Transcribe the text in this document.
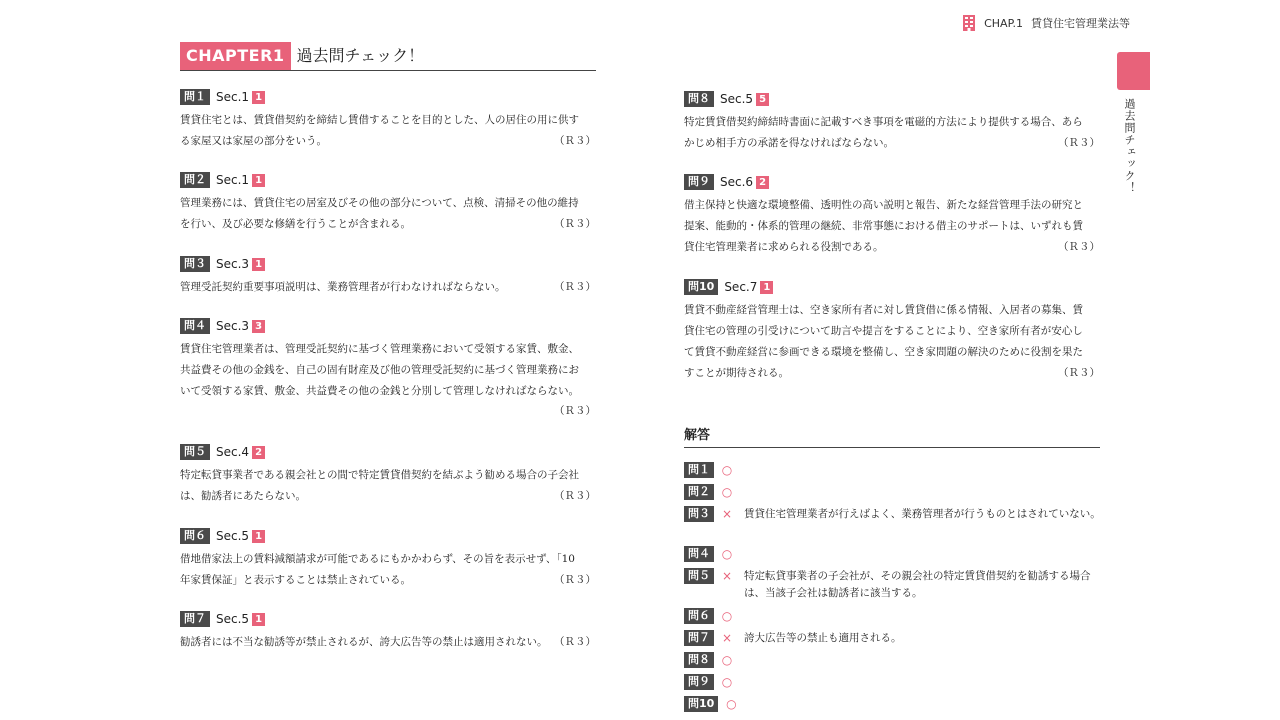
CHAP.1 賃貸住宅管理業法等
CHAPTER1 過去問チェック！
過去問チェック！
問１ Sec.1 1
賃貸住宅とは、賃貸借契約を締結し賃借することを目的とした、人の居住の用に供す
る家屋又は家屋の部分をいう。	（Ｒ３）
問２ Sec.1 1
管理業務には、賃貸住宅の居室及びその他の部分について、点検、清掃その他の維持
を行い、及び必要な修繕を行うことが含まれる。	（Ｒ３）
問３ Sec.3 1
管理受託契約重要事項説明は、業務管理者が行わなければならない。	（Ｒ３）
問４ Sec.3 3
賃貸住宅管理業者は、管理受託契約に基づく管理業務において受領する家賃、敷金、
共益費その他の金銭を、自己の固有財産及び他の管理受託契約に基づく管理業務にお
いて受領する家賃、敷金、共益費その他の金銭と分別して管理しなければならない。
（Ｒ３）
問５ Sec.4 2
特定転貸事業者である親会社との間で特定賃貸借契約を結ぶよう勧める場合の子会社
は、勧誘者にあたらない。	（Ｒ３）
問６ Sec.5 1
借地借家法上の賃料減額請求が可能であるにもかかわらず、その旨を表示せず、「10
年家賃保証」と表示することは禁止されている。	（Ｒ３）
問７ Sec.5 1
勧誘者には不当な勧誘等が禁止されるが、誇大広告等の禁止は適用されない。 （Ｒ３）
問８ Sec.5 5
特定賃貸借契約締結時書面に記載すべき事項を電磁的方法により提供する場合、あら
かじめ相手方の承諾を得なければならない。	（Ｒ３）
問９ Sec.6 2
借主保持と快適な環境整備、透明性の高い説明と報告、新たな経営管理手法の研究と
提案、能動的・体系的管理の継続、非常事態における借主のサポートは、いずれも賃
貸住宅管理業者に求められる役割である。	（Ｒ３）
問10 Sec.7 1
賃貸不動産経営管理士は、空き家所有者に対し賃貸借に係る情報、入居者の募集、賃
貸住宅の管理の引受けについて助言や提言をすることにより、空き家所有者が安心し
て賃貸不動産経営に参画できる環境を整備し、空き家問題の解決のために役割を果た
すことが期待される。	（Ｒ３）
解答
問１ ○
問２ ○
問３ ×	賃貸住宅管理業者が行えばよく、業務管理者が行うものとはされていない。
問４ ○
問５ ×	特定転貸事業者の子会社が、その親会社の特定賃貸借契約を勧誘する場合は、当該子会社は勧誘者に該当する。
問６ ○
問７ ×	誇大広告等の禁止も適用される。
問８ ○
問９ ○
問10 ○
